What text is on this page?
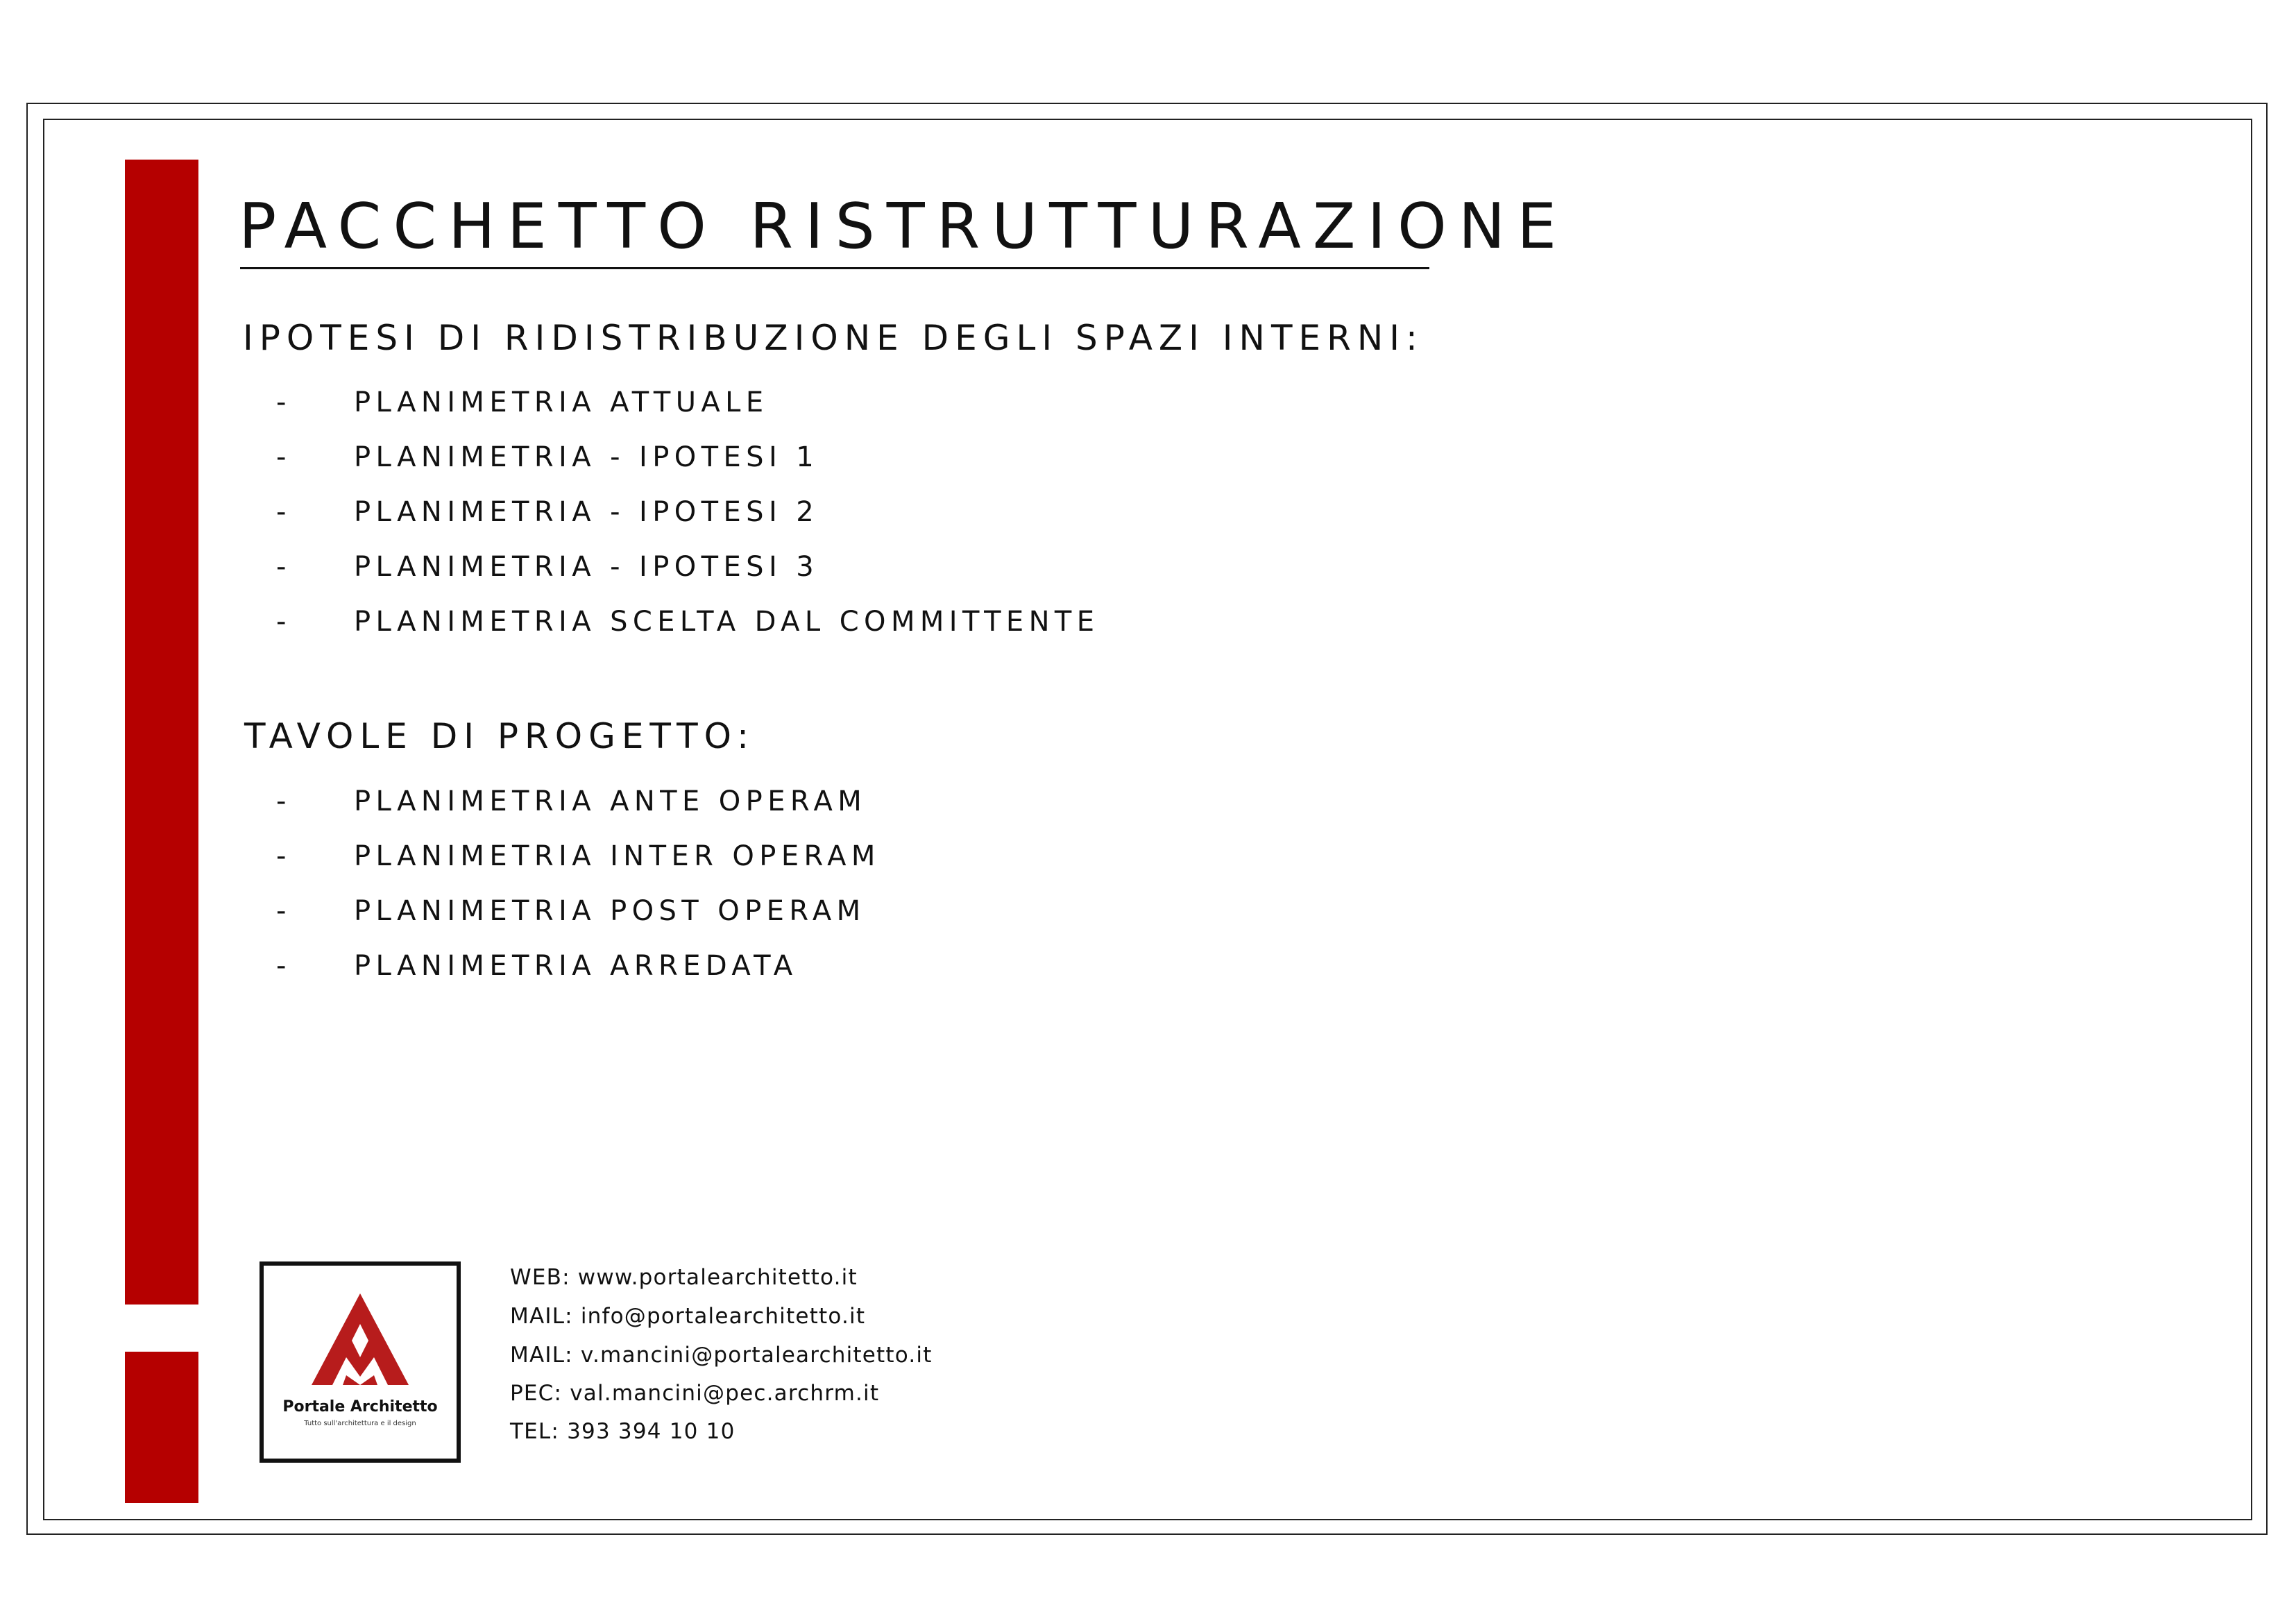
PACCHETTO RISTRUTTURAZIONE
IPOTESI DI RIDISTRIBUZIONE DEGLI SPAZI INTERNI:
- PLANIMETRIA ATTUALE
- PLANIMETRIA - IPOTESI 1
- PLANIMETRIA - IPOTESI 2
- PLANIMETRIA - IPOTESI 3
- PLANIMETRIA SCELTA DAL COMMITTENTE
TAVOLE DI PROGETTO:
- PLANIMETRIA ANTE OPERAM
- PLANIMETRIA INTER OPERAM
- PLANIMETRIA POST OPERAM
- PLANIMETRIA ARREDATA
Portale Architetto
Tutto sull'architettura e il design
WEB: www.portalearchitetto.it
MAIL: info@portalearchitetto.it
MAIL: v.mancini@portalearchitetto.it
PEC: val.mancini@pec.archrm.it
TEL: 393 394 10 10
